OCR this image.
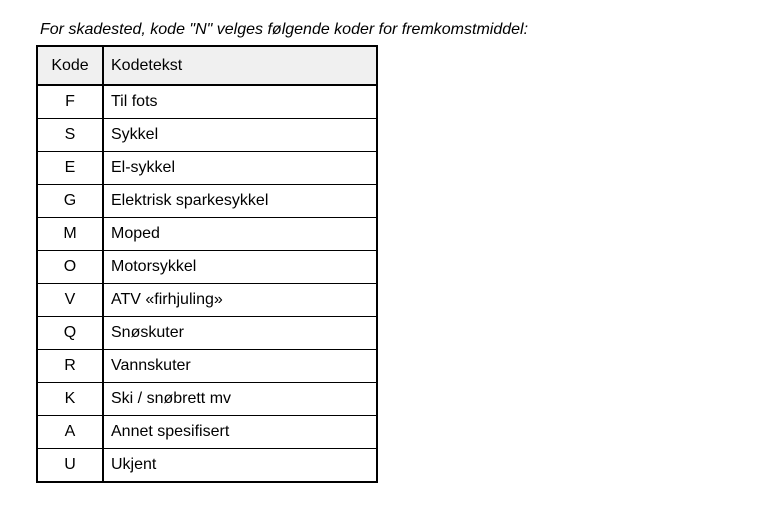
For skadested, kode "N" velges følgende koder for fremkomstmiddel:
Kode	Kodetekst
F	Til fots
S	Sykkel
E	El-sykkel
G	Elektrisk sparkesykkel
M	Moped
O	Motorsykkel
V	ATV «firhjuling»
Q	Snøskuter
R	Vannskuter
K	Ski / snøbrett mv
A	Annet spesifisert
U	Ukjent
